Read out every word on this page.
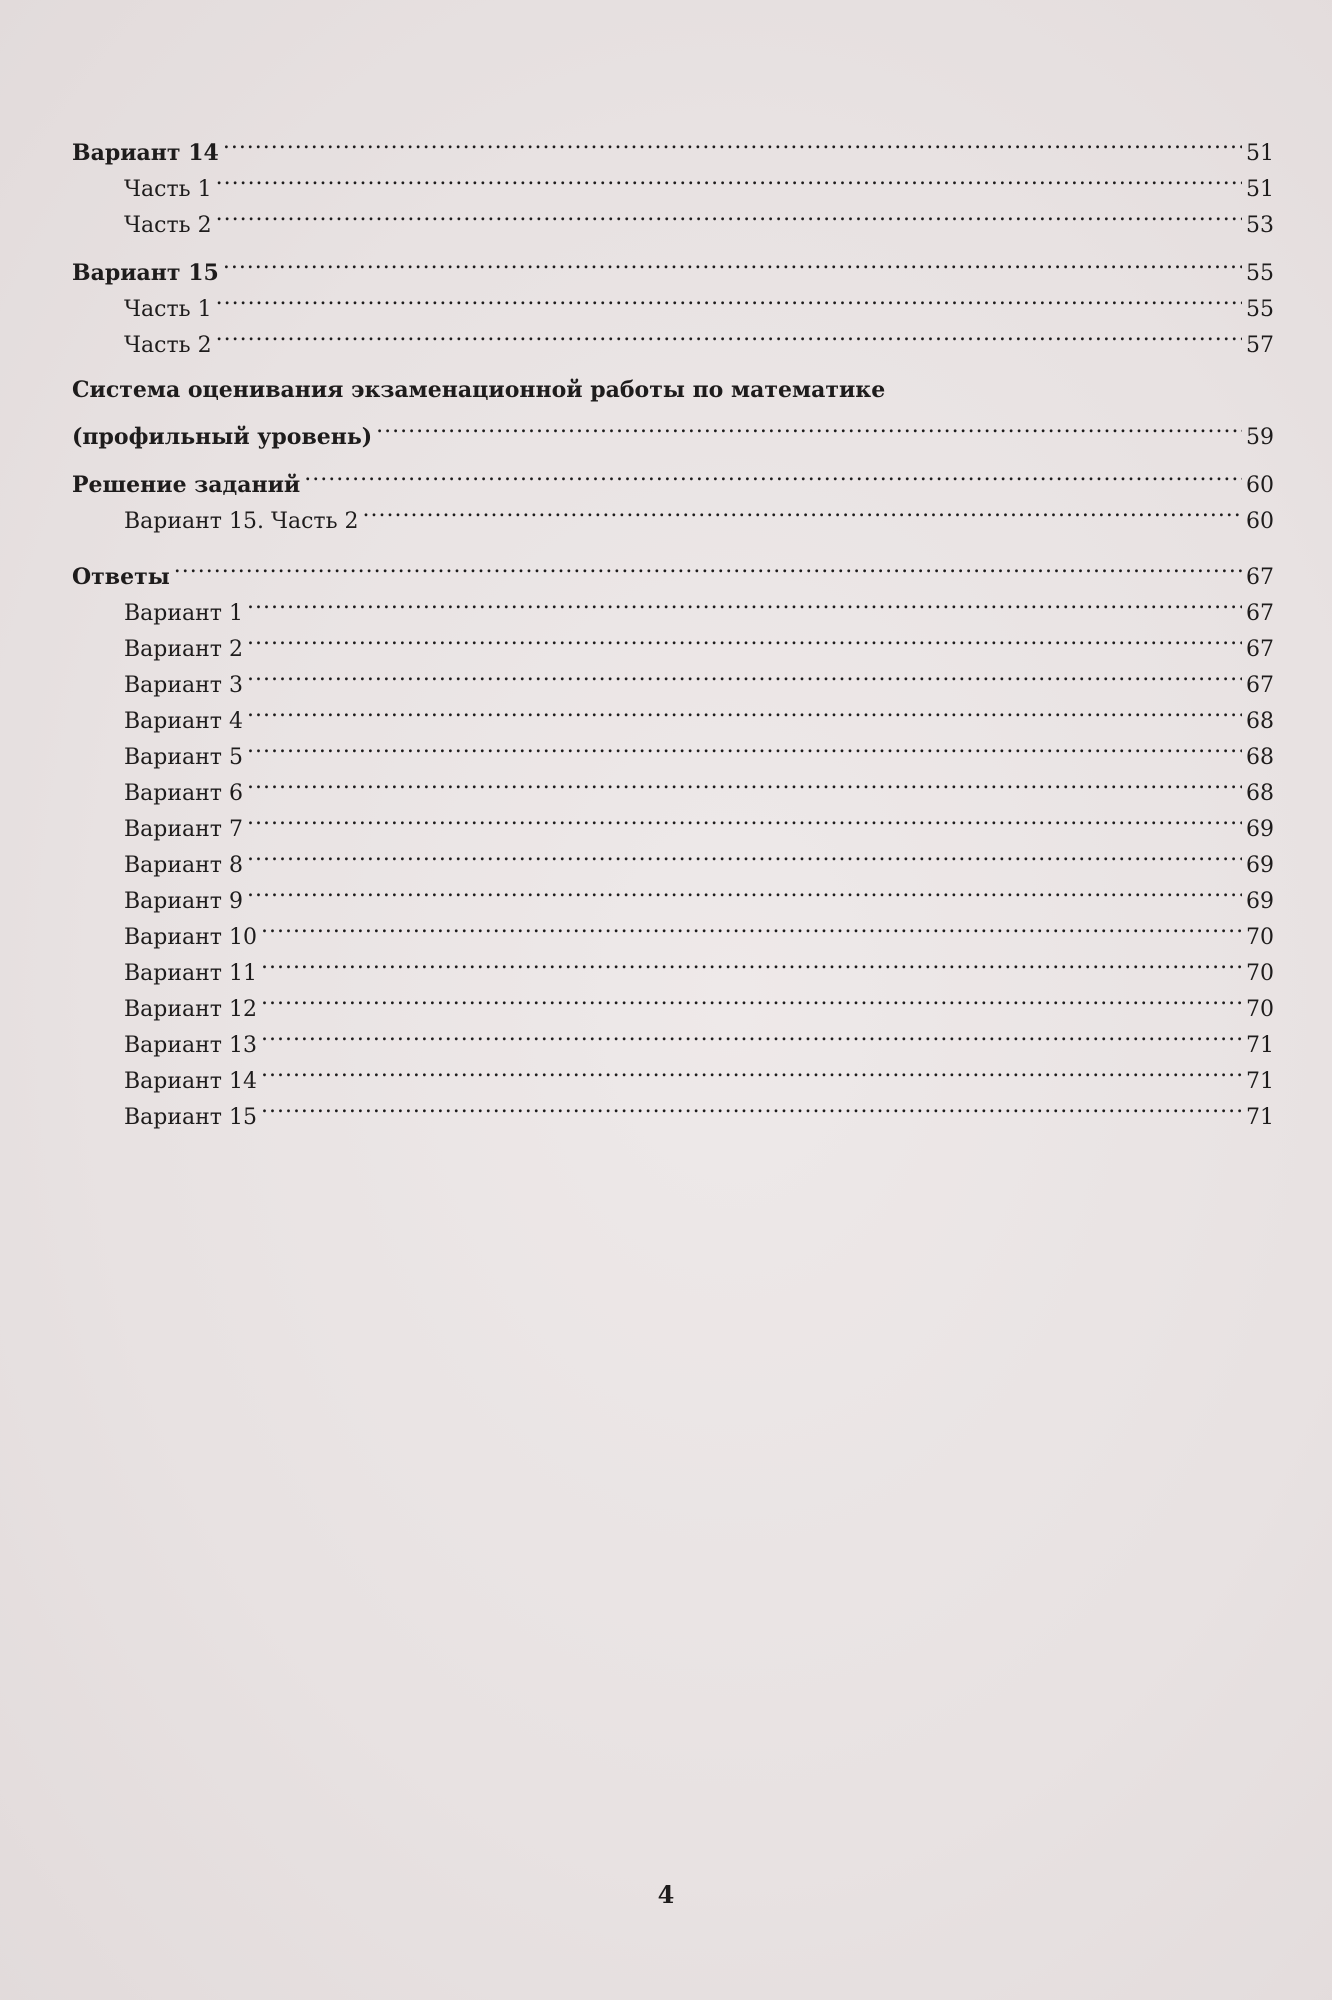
Вариант 14 .....	51
Часть 1 .....	51
Часть 2 .....	53
Вариант 15 .....	55
Часть 1 .....	55
Часть 2 .....	57
Система оценивания экзаменационной работы по математике
(профильный уровень) .....	59
Решение заданий .....	60
Вариант 15. Часть 2 .....	60
Ответы .....	67
Вариант 1 .....	67
Вариант 2 .....	67
Вариант 3 .....	67
Вариант 4 .....	68
Вариант 5 .....	68
Вариант 6 .....	68
Вариант 7 .....	69
Вариант 8 .....	69
Вариант 9 .....	69
Вариант 10 .....	70
Вариант 11 .....	70
Вариант 12 .....	70
Вариант 13 .....	71
Вариант 14 .....	71
Вариант 15 .....	71
4
